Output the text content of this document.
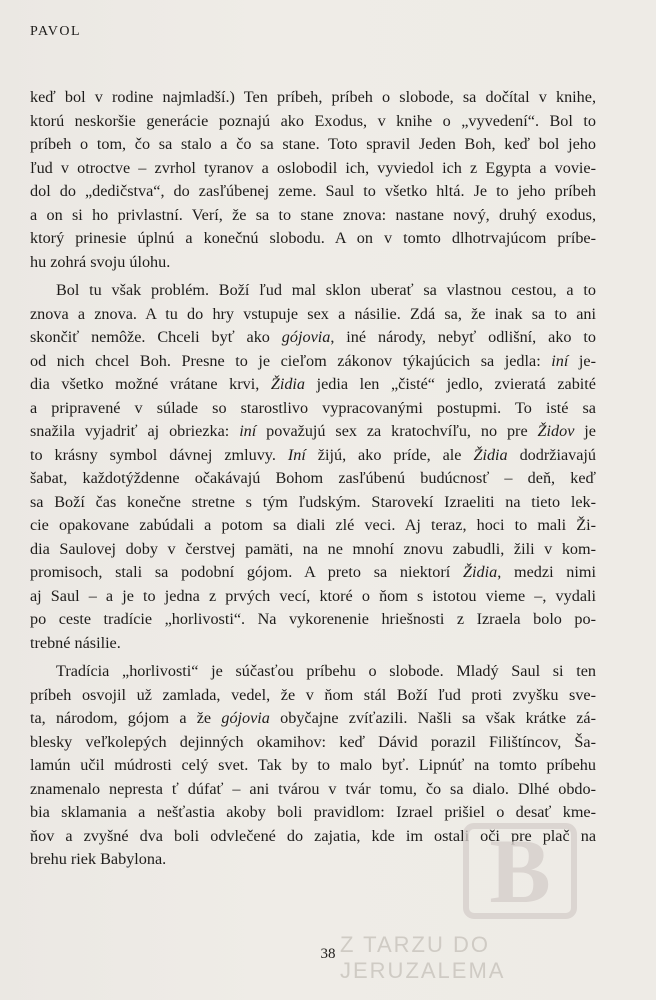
PAVOL
keď bol v rodine najmladší.) Ten príbeh, príbeh o slobode, sa dočítal v knihe,
ktorú neskoršie generácie poznajú ako Exodus, v knihe o „vyvedení“. Bol to
príbeh o tom, čo sa stalo a čo sa stane. Toto spravil Jeden Boh, keď bol jeho
ľud v otroctve – zvrhol tyranov a oslobodil ich, vyviedol ich z Egypta a vovie-
dol do „dedičstva“, do zasľúbenej zeme. Saul to všetko hltá. Je to jeho príbeh
a on si ho privlastní. Verí, že sa to stane znova: nastane nový, druhý exodus,
ktorý prinesie úplnú a konečnú slobodu. A on v tomto dlhotrvajúcom príbe-
hu zohrá svoju úlohu.
Bol tu však problém. Boží ľud mal sklon uberať sa vlastnou cestou, a to
znova a znova. A tu do hry vstupuje sex a násilie. Zdá sa, že inak sa to ani
skončiť nemôže. Chceli byť ako gójovia, iné národy, nebyť odlišní, ako to
od nich chcel Boh. Presne to je cieľom zákonov týkajúcich sa jedla: iní je-
dia všetko možné vrátane krvi, Židia jedia len „čisté“ jedlo, zvieratá zabité
a pripravené v súlade so starostlivo vypracovanými postupmi. To isté sa
snažila vyjadriť aj obriezka: iní považujú sex za kratochvíľu, no pre Židov je
to krásny symbol dávnej zmluvy. Iní žijú, ako príde, ale Židia dodržiavajú
šabat, každotýždenne očakávajú Bohom zasľúbenú budúcnosť – deň, keď
sa Boží čas konečne stretne s tým ľudským. Starovekí Izraeliti na tieto lek-
cie opakovane zabúdali a potom sa diali zlé veci. Aj teraz, hoci to mali Ži-
dia Saulovej doby v čerstvej pamäti, na ne mnohí znovu zabudli, žili v kom-
promisoch, stali sa podobní gójom. A preto sa niektorí Židia, medzi nimi
aj Saul – a je to jedna z prvých vecí, ktoré o ňom s istotou vieme –, vydali
po ceste tradície „horlivosti“. Na vykorenenie hriešnosti z Izraela bolo po-
trebné násilie.
Tradícia „horlivosti“ je súčasťou príbehu o slobode. Mladý Saul si ten
príbeh osvojil už zamlada, vedel, že v ňom stál Boží ľud proti zvyšku sve-
ta, národom, gójom a že gójovia obyčajne zvíťazili. Našli sa však krátke zá-
blesky veľkolepých dejinných okamihov: keď Dávid porazil Filištíncov, Ša-
lamún učil múdrosti celý svet. Tak by to malo byť. Lipnúť na tomto príbehu
znamenalo nepresta ť dúfať – ani tvárou v tvár tomu, čo sa dialo. Dlhé obdo-
bia sklamania a nešťastia akoby boli pravidlom: Izrael prišiel o desať kme-
ňov a zvyšné dva boli odvlečené do zajatia, kde im ostali oči pre plač na
brehu riek Babylona.	B
Z TARZU DO JERUZALEMA
38
